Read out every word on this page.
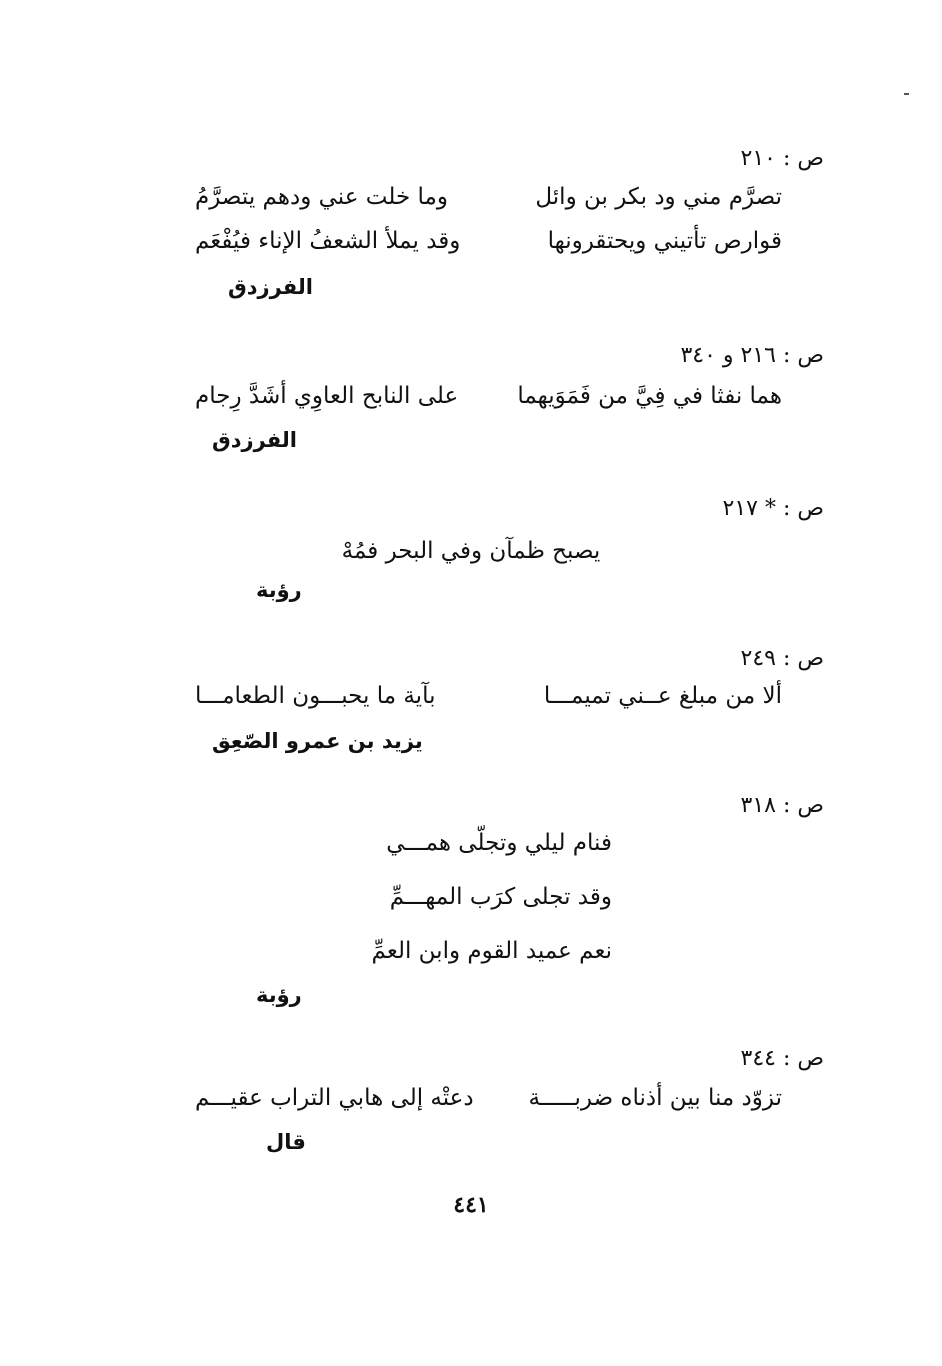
ص : ٢١٠
تصرَّم مني ود بكر بن وائل
وما خلت عني ودهم يتصرَّمُ
قوارص تأتيني ويحتقرونها
وقد يملأ الشعفُ الإناء فيُفْعَم
الفرزدق
ص : ٢١٦ و ٣٤٠
هما نفثا في فِيَّ من فَمَوَيهما
على النابح العاوِي أشَدَّ رِجام
الفرزدق
ص : * ٢١٧
يصبح ظمآن وفي البحر فمُهْ
رؤبة
ص : ٢٤٩
ألا من مبلغ عــني تميمـــا
بآية ما يحبـــون الطعامـــا
يزيد بن عمرو الصّعِق
ص : ٣١٨
فنام ليلي وتجلّى همـــي
وقد تجلى كرَب المهـــمِّ
نعم عميد القوم وابن العمِّ
رؤبة
ص : ٣٤٤
تزوّد منا بين أذناه ضربـــــة
دعتْه إلى هابي التراب عقيـــم
قال
٤٤١
